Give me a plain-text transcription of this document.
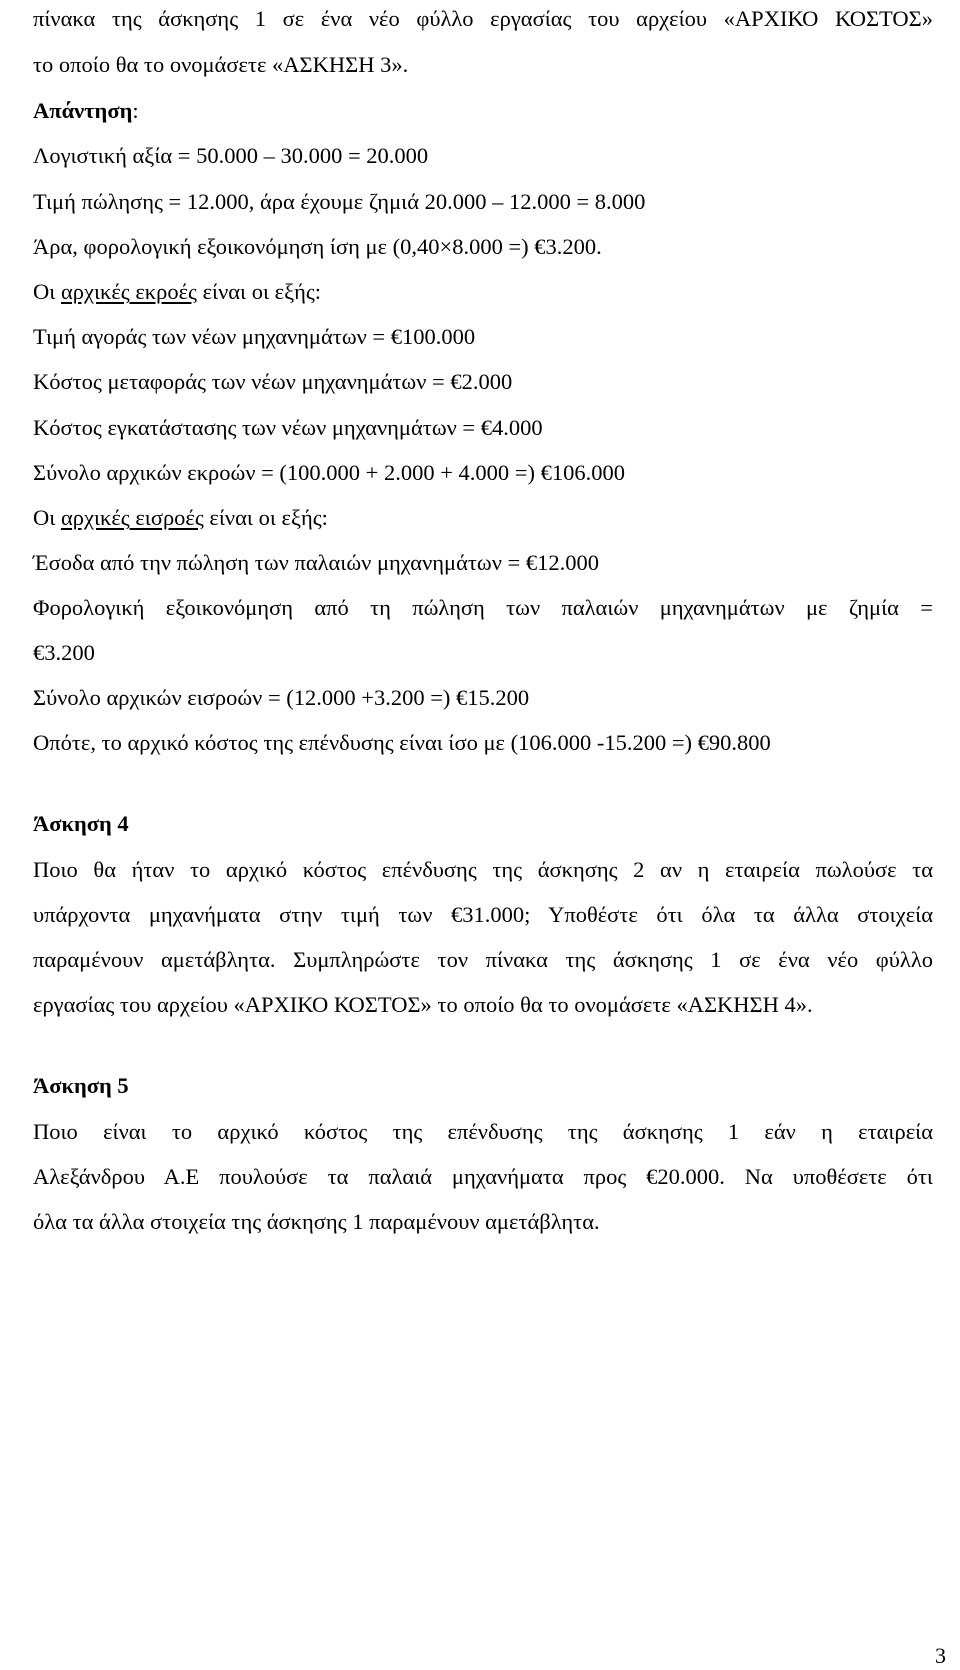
πίνακα της άσκησης 1 σε ένα νέο φύλλο εργασίας του αρχείου «ΑΡΧΙΚΟ ΚΟΣΤΟΣ»
το οποίο θα το ονομάσετε «ΑΣΚΗΣΗ 3».
Απάντηση:
Λογιστική αξία = 50.000 – 30.000 = 20.000
Τιμή πώλησης = 12.000, άρα έχουμε ζημιά 20.000 – 12.000 = 8.000
Άρα, φορολογική εξοικονόμηση ίση με (0,40×8.000 =) €3.200.
Οι αρχικές εκροές είναι οι εξής:
Τιμή αγοράς των νέων μηχανημάτων = €100.000
Κόστος μεταφοράς των νέων μηχανημάτων = €2.000
Κόστος εγκατάστασης των νέων μηχανημάτων = €4.000
Σύνολο αρχικών εκροών = (100.000 + 2.000 + 4.000 =) €106.000
Οι αρχικές εισροές είναι οι εξής:
Έσοδα από την πώληση των παλαιών μηχανημάτων = €12.000
Φορολογική εξοικονόμηση από τη πώληση των παλαιών μηχανημάτων με ζημία =
€3.200
Σύνολο αρχικών εισροών = (12.000 +3.200 =) €15.200
Οπότε, το αρχικό κόστος της επένδυσης είναι ίσο με (106.000 -15.200 =) €90.800
Άσκηση 4
Ποιο θα ήταν το αρχικό κόστος επένδυσης της άσκησης 2 αν η εταιρεία πωλούσε τα
υπάρχοντα μηχανήματα στην τιμή των €31.000; Υποθέστε ότι όλα τα άλλα στοιχεία
παραμένουν αμετάβλητα. Συμπληρώστε τον πίνακα της άσκησης 1 σε ένα νέο φύλλο
εργασίας του αρχείου «ΑΡΧΙΚΟ ΚΟΣΤΟΣ» το οποίο θα το ονομάσετε «ΑΣΚΗΣΗ 4».
Άσκηση 5
Ποιο είναι το αρχικό κόστος της επένδυσης της άσκησης 1 εάν η εταιρεία
Αλεξάνδρου Α.Ε πουλούσε τα παλαιά μηχανήματα προς €20.000. Να υποθέσετε ότι
όλα τα άλλα στοιχεία της άσκησης 1 παραμένουν αμετάβλητα.
3
